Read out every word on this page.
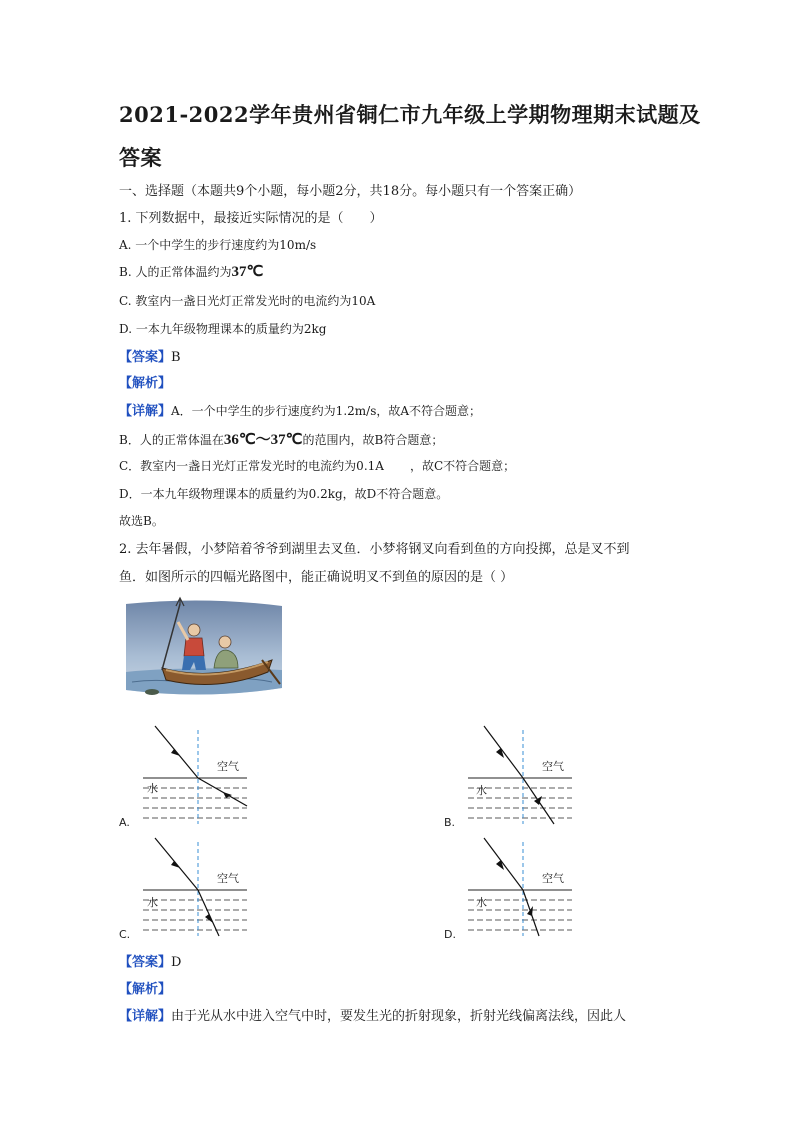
2021-2022学年贵州省铜仁市九年级上学期物理期末试题及
答案
一、选择题（本题共9个小题，每小题2分，共18分。每小题只有一个答案正确）
1. 下列数据中，最接近实际情况的是（　　）
A. 一个中学生的步行速度约为10m/s
B. 人的正常体温约为37℃
C. 教室内一盏日光灯正常发光时的电流约为10A
D. 一本九年级物理课本的质量约为2kg
【答案】B
【解析】
【详解】A．一个中学生的步行速度约为1.2m/s，故A不符合题意；
B．人的正常体温在36℃～37℃的范围内，故B符合题意；
C．教室内一盏日光灯正常发光时的电流约为0.1A ，故C不符合题意；
D．一本九年级物理课本的质量约为0.2kg，故D不符合题意。
故选B。
2. 去年暑假，小梦陪着爷爷到湖里去叉鱼．小梦将钢叉向看到鱼的方向投掷，总是叉不到
鱼．如图所示的四幅光路图中，能正确说明叉不到鱼的原因的是（ ）
空气
水
A.
空气
水
B.
空气
水
C.
空气
水
D.
【答案】D
【解析】
【详解】由于光从水中进入空气中时，要发生光的折射现象，折射光线偏离法线，因此人
